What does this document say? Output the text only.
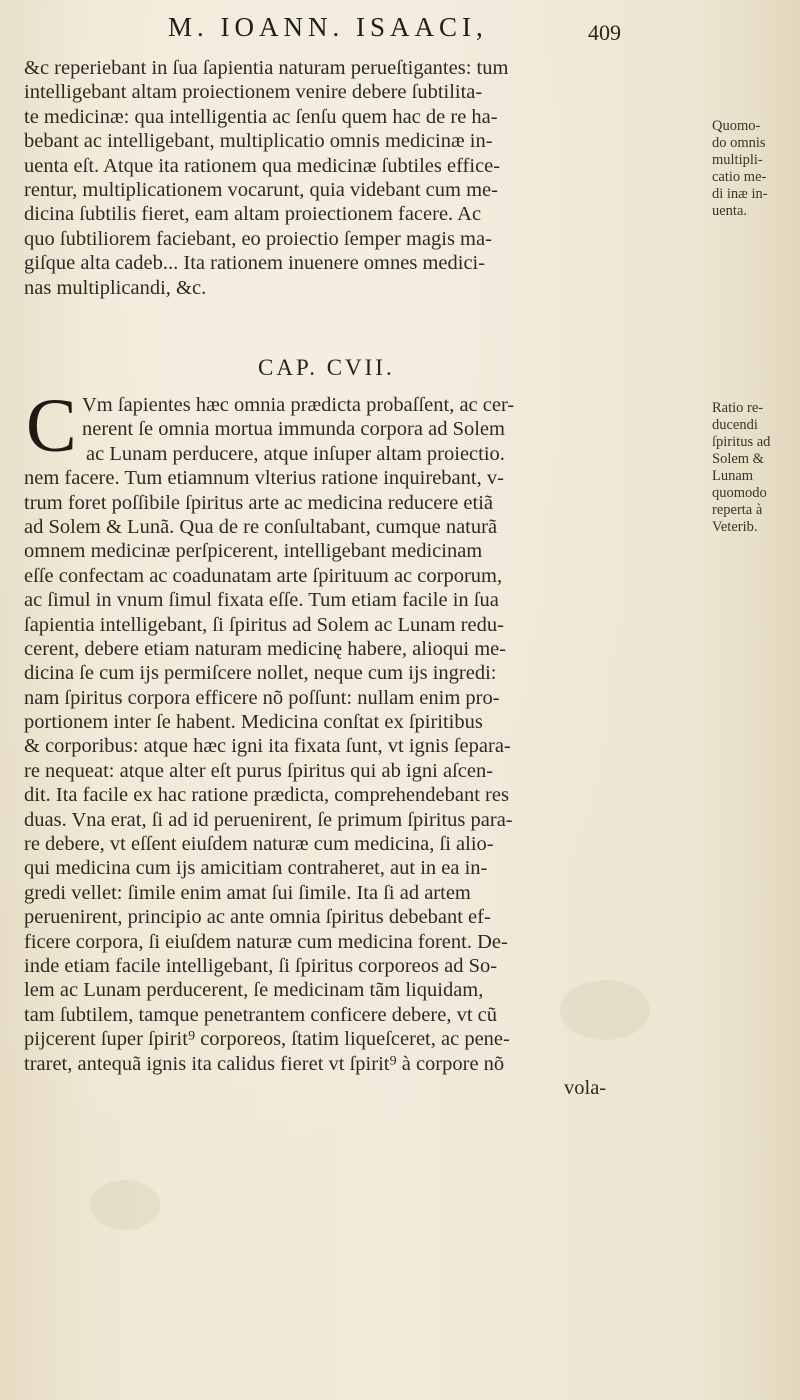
M. IOANN. ISAACI,	409
&c reperiebant in ſua ſapientia naturam perueſtigantes: tum
intelligebant altam proiectionem venire debere ſubtilita-
te medicinæ: qua intelligentia ac ſenſu quem hac de re ha-
bebant ac intelligebant, multiplicatio omnis medicinæ in-
uenta eſt. Atque ita rationem qua medicinæ ſubtiles effice-
rentur, multiplicationem vocarunt, quia videbant cum me-
dicina ſubtilis fieret, eam altam proiectionem facere. Ac
quo ſubtiliorem faciebant, eo proiectio ſemper magis ma-
giſque alta cadeb... Ita rationem inuenere omnes medici-
nas multiplicandi, &c.
Quomo-
do omnis
multipli-
catio me-
di inæ in-
uenta.
CAP. CVII.
C Vm ſapientes hæc omnia prædicta probaſſent, ac cer-
nerent ſe omnia mortua immunda corpora ad Solem
ac Lunam perducere, atque inſuper altam proiectio.
nem facere. Tum etiamnum vlterius ratione inquirebant, v-
trum foret poſſibile ſpiritus arte ac medicina reducere etiã
ad Solem & Lunã. Qua de re conſultabant, cumque naturã
omnem medicinæ perſpicerent, intelligebant medicinam
eſſe confectam ac coadunatam arte ſpirituum ac corporum,
ac ſimul in vnum ſimul fixata eſſe. Tum etiam facile in ſua
ſapientia intelligebant, ſi ſpiritus ad Solem ac Lunam redu-
cerent, debere etiam naturam medicinę habere, alioqui me-
dicina ſe cum ijs permiſcere nollet, neque cum ijs ingredi:
nam ſpiritus corpora efficere nõ poſſunt: nullam enim pro-
portionem inter ſe habent. Medicina conſtat ex ſpiritibus
& corporibus: atque hæc igni ita fixata ſunt, vt ignis ſepara-
re nequeat: atque alter eſt purus ſpiritus qui ab igni aſcen-
dit. Ita facile ex hac ratione prædicta, comprehendebant res
duas. Vna erat, ſi ad id peruenirent, ſe primum ſpiritus para-
re debere, vt eſſent eiuſdem naturæ cum medicina, ſi alio-
qui medicina cum ijs amicitiam contraheret, aut in ea in-
gredi vellet: ſimile enim amat ſui ſimile. Ita ſi ad artem
peruenirent, principio ac ante omnia ſpiritus debebant ef-
ficere corpora, ſi eiuſdem naturæ cum medicina forent. De-
inde etiam facile intelligebant, ſi ſpiritus corporeos ad So-
lem ac Lunam perducerent, ſe medicinam tãm liquidam,
tam ſubtilem, tamque penetrantem conficere debere, vt cũ
pijcerent ſuper ſpirit⁹ corporeos, ſtatim liqueſceret, ac pene-
traret, antequã ignis ita calidus fieret vt ſpirit⁹ à corpore nõ
vola-
Ratio re-
ducendi
ſpiritus ad
Solem &
Lunam
quomodo
reperta à
Veterib.
